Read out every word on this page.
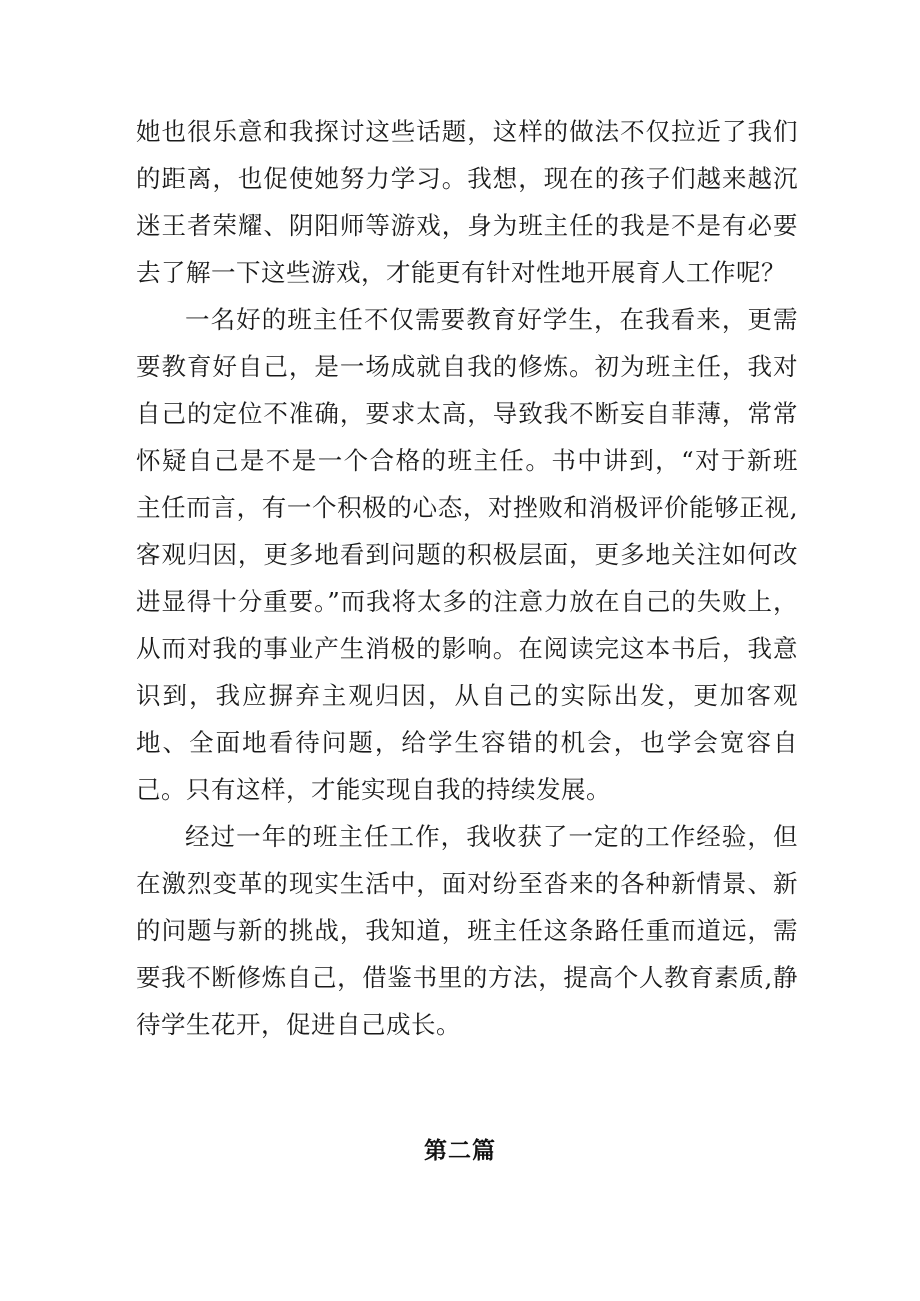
她也很乐意和我探讨这些话题，这样的做法不仅拉近了我们的距离，也促使她努力学习。我想，现在的孩子们越来越沉迷王者荣耀、阴阳师等游戏，身为班主任的我是不是有必要去了解一下这些游戏，才能更有针对性地开展育人工作呢？

一名好的班主任不仅需要教育好学生，在我看来，更需要教育好自己，是一场成就自我的修炼。初为班主任，我对自己的定位不准确，要求太高，导致我不断妄自菲薄，常常怀疑自己是不是一个合格的班主任。书中讲到，“对于新班主任而言，有一个积极的心态，对挫败和消极评价能够正视,客观归因，更多地看到问题的积极层面，更多地关注如何改进显得十分重要。”而我将太多的注意力放在自己的失败上，从而对我的事业产生消极的影响。在阅读完这本书后，我意识到，我应摒弃主观归因，从自己的实际出发，更加客观地、全面地看待问题，给学生容错的机会，也学会宽容自己。只有这样，才能实现自我的持续发展。

经过一年的班主任工作，我收获了一定的工作经验，但在激烈变革的现实生活中，面对纷至沓来的各种新情景、新的问题与新的挑战，我知道，班主任这条路任重而道远，需要我不断修炼自己，借鉴书里的方法，提高个人教育素质,静待学生花开，促进自己成长。

第二篇
